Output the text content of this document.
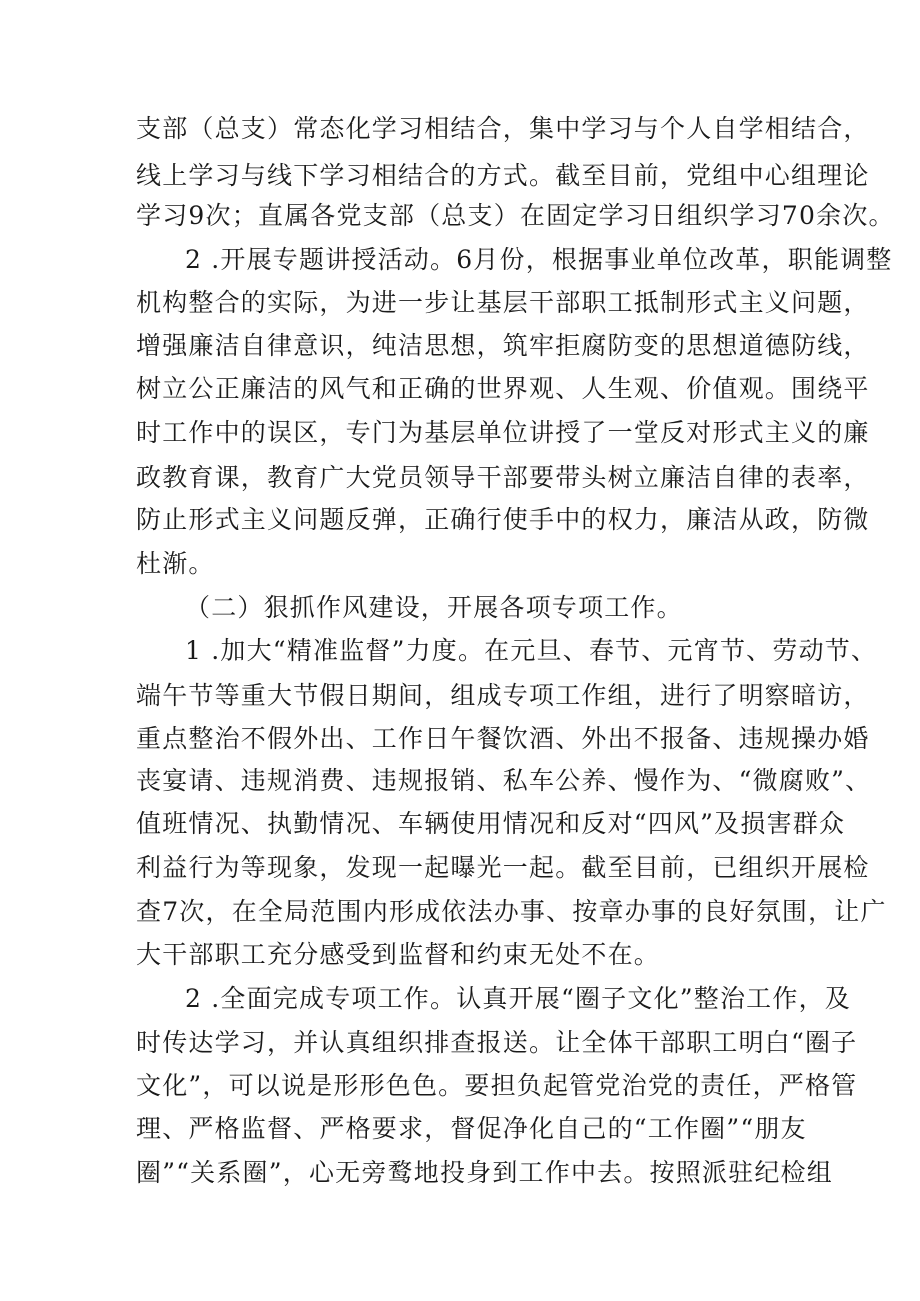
支部（总支）常态化学习相结合，集中学习与个人自学相结合，
线上学习与线下学习相结合的方式。截至目前，党组中心组理论
学习9次；直属各党支部（总支）在固定学习日组织学习70余次。
2 .开展专题讲授活动。6月份，根据事业单位改革，职能调整
机构整合的实际，为进一步让基层干部职工抵制形式主义问题，
增强廉洁自律意识，纯洁思想，筑牢拒腐防变的思想道德防线，
树立公正廉洁的风气和正确的世界观、人生观、价值观。围绕平
时工作中的误区，专门为基层单位讲授了一堂反对形式主义的廉
政教育课，教育广大党员领导干部要带头树立廉洁自律的表率，
防止形式主义问题反弹，正确行使手中的权力，廉洁从政，防微
杜渐。
（二）狠抓作风建设，开展各项专项工作。
1 .加大“精准监督”力度。在元旦、春节、元宵节、劳动节、
端午节等重大节假日期间，组成专项工作组，进行了明察暗访，
重点整治不假外出、工作日午餐饮酒、外出不报备、违规操办婚
丧宴请、违规消费、违规报销、私车公养、慢作为、“微腐败”、
值班情况、执勤情况、车辆使用情况和反对“四风”及损害群众
利益行为等现象，发现一起曝光一起。截至目前，已组织开展检
查7次，在全局范围内形成依法办事、按章办事的良好氛围，让广
大干部职工充分感受到监督和约束无处不在。
2 .全面完成专项工作。认真开展“圈子文化”整治工作，及
时传达学习，并认真组织排查报送。让全体干部职工明白“圈子
文化”，可以说是形形色色。要担负起管党治党的责任，严格管
理、严格监督、严格要求，督促净化自己的“工作圈”“朋友
圈”“关系圈”，心无旁鹜地投身到工作中去。按照派驻纪检组
